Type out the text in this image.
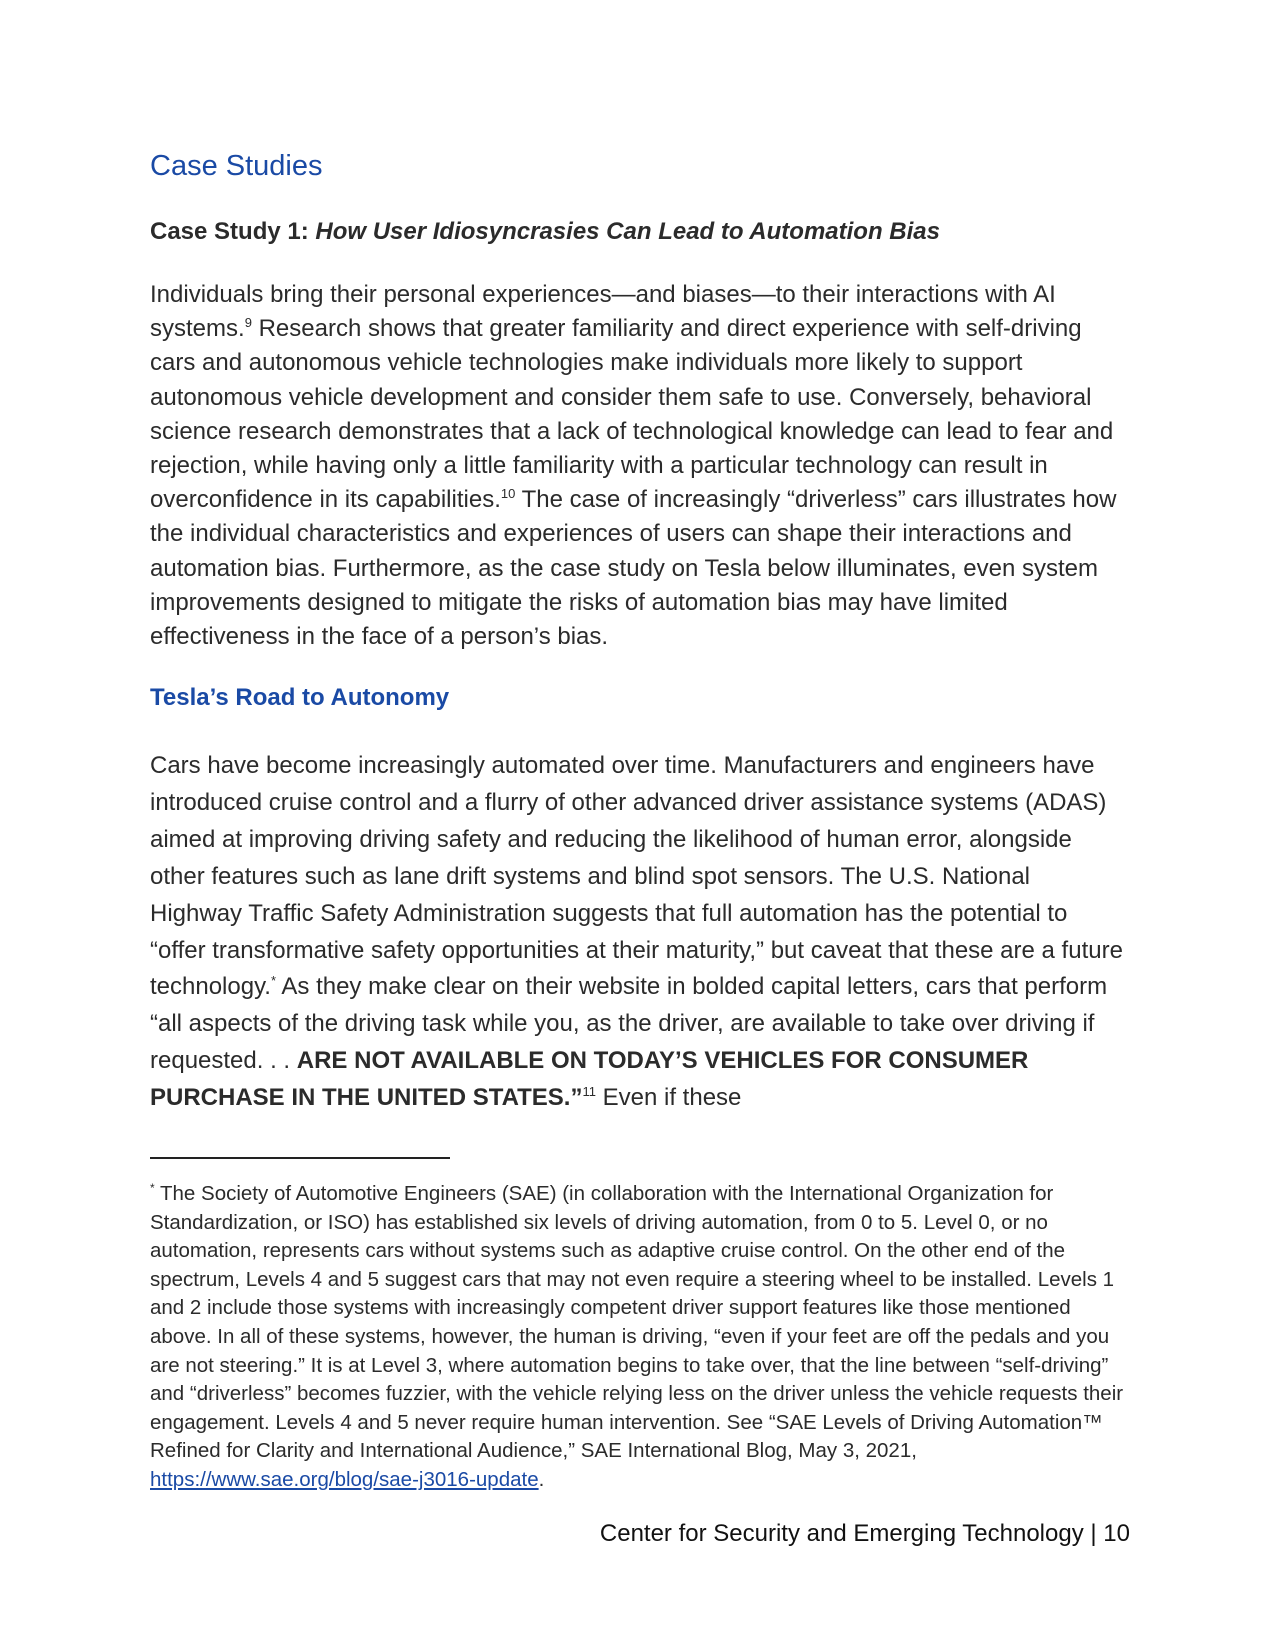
Case Studies
Case Study 1: How User Idiosyncrasies Can Lead to Automation Bias

Individuals bring their personal experiences—and biases—to their interactions with AI systems.$^9$ Research shows that greater familiarity and direct experience with self-driving cars and autonomous vehicle technologies make individuals more likely to support autonomous vehicle development and consider them safe to use. Conversely, behavioral science research demonstrates that a lack of technological knowledge can lead to fear and rejection, while having only a little familiarity with a particular technology can result in overconfidence in its capabilities.$^{10}$ The case of increasingly “driverless” cars illustrates how the individual characteristics and experiences of users can shape their interactions and automation bias. Furthermore, as the case study on Tesla below illuminates, even system improvements designed to mitigate the risks of automation bias may have limited effectiveness in the face of a person’s bias.

Tesla’s Road to Autonomy

Cars have become increasingly automated over time. Manufacturers and engineers have introduced cruise control and a flurry of other advanced driver assistance systems (ADAS) aimed at improving driving safety and reducing the likelihood of human error, alongside other features such as lane drift systems and blind spot sensors. The U.S. National Highway Traffic Safety Administration suggests that full automation has the potential to “offer transformative safety opportunities at their maturity,” but caveat that these are a future technology.* As they make clear on their website in bolded capital letters, cars that perform “all aspects of the driving task while you, as the driver, are available to take over driving if requested. . . ARE NOT AVAILABLE ON TODAY’S VEHICLES FOR CONSUMER PURCHASE IN THE UNITED STATES.”$^{11}$ Even if these

* The Society of Automotive Engineers (SAE) (in collaboration with the International Organization for Standardization, or ISO) has established six levels of driving automation, from 0 to 5. Level 0, or no automation, represents cars without systems such as adaptive cruise control. On the other end of the spectrum, Levels 4 and 5 suggest cars that may not even require a steering wheel to be installed. Levels 1 and 2 include those systems with increasingly competent driver support features like those mentioned above. In all of these systems, however, the human is driving, “even if your feet are off the pedals and you are not steering.” It is at Level 3, where automation begins to take over, that the line between “self-driving” and “driverless” becomes fuzzier, with the vehicle relying less on the driver unless the vehicle requests their engagement. Levels 4 and 5 never require human intervention. See “SAE Levels of Driving Automation™ Refined for Clarity and International Audience,” SAE International Blog, May 3, 2021, https://www.sae.org/blog/sae-j3016-update.

Center for Security and Emerging Technology | 10
